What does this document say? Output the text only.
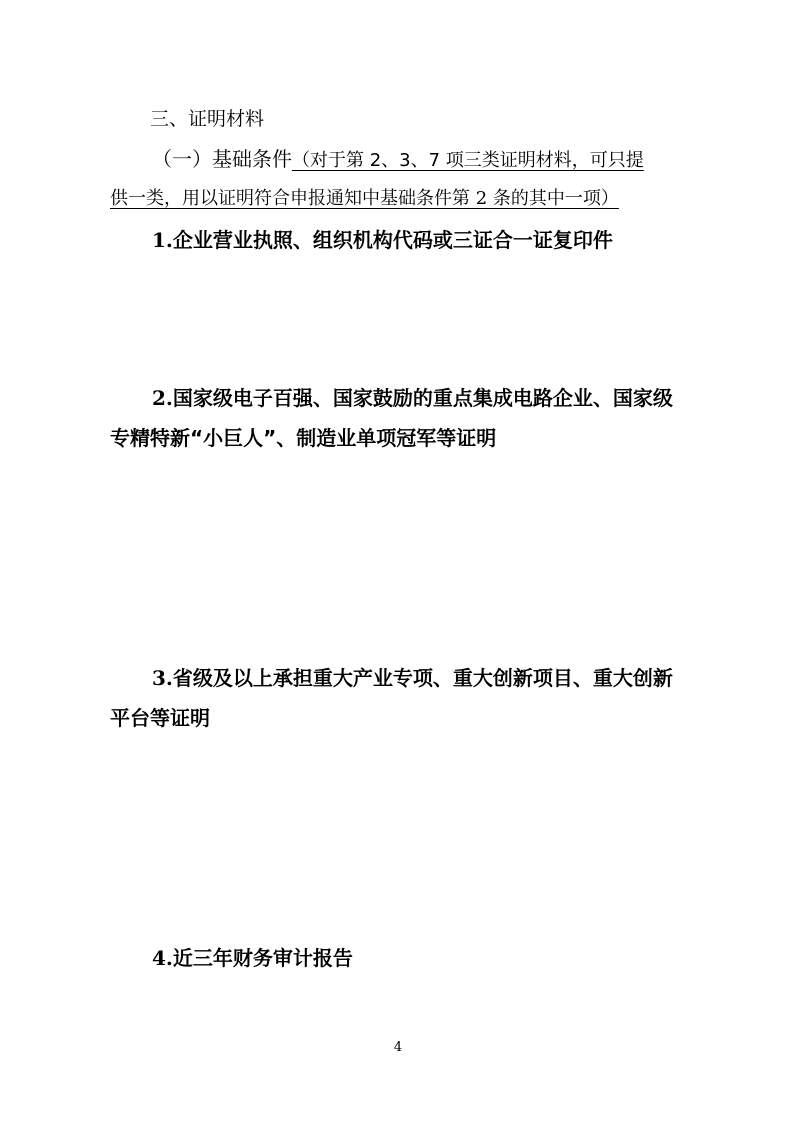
三、证明材料
（一）基础条件（对于第 2、3、7 项三类证明材料，可只提
供一类，用以证明符合申报通知中基础条件第 2 条的其中一项）
1.企业营业执照、组织机构代码或三证合一证复印件
2.国家级电子百强、国家鼓励的重点集成电路企业、国家级专精特新“小巨人”、制造业单项冠军等证明
3.省级及以上承担重大产业专项、重大创新项目、重大创新平台等证明
4.近三年财务审计报告
4
